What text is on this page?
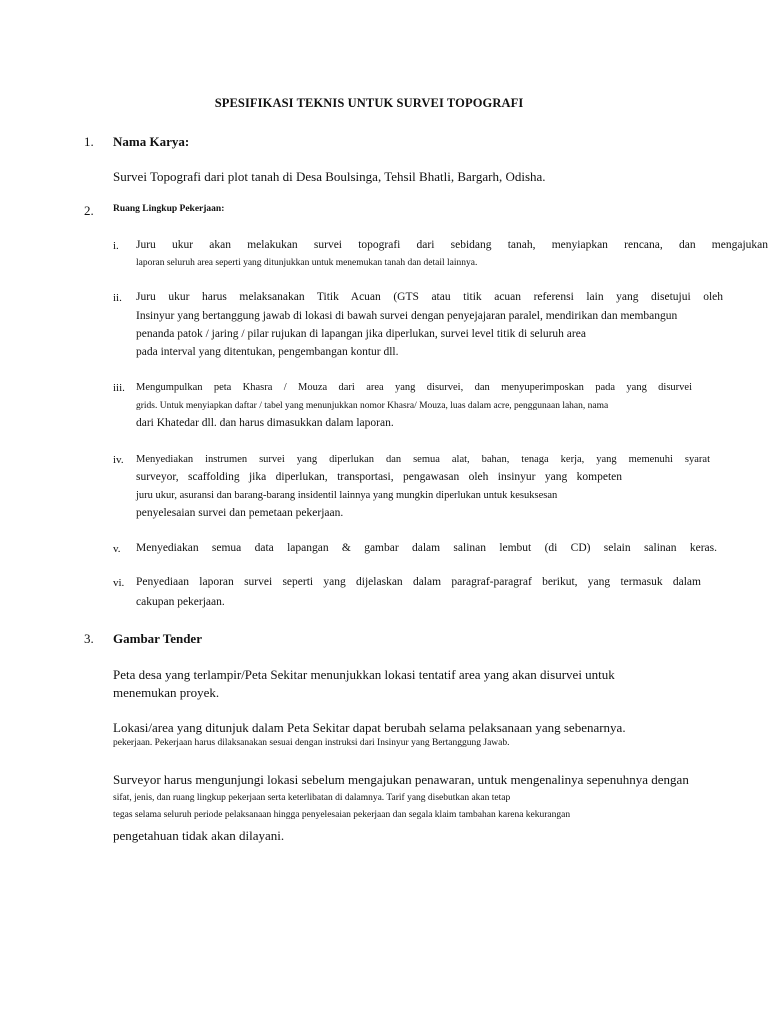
SPESIFIKASI TEKNIS UNTUK SURVEI TOPOGRAFI
1. Nama Karya:
Survei Topografi dari plot tanah di Desa Boulsinga, Tehsil Bhatli, Bargarh, Odisha.
2. Ruang Lingkup Pekerjaan:
i. Juru ukur akan melakukan survei topografi dari sebidang tanah, menyiapkan rencana, dan mengajukan
laporan seluruh area seperti yang ditunjukkan untuk menemukan tanah dan detail lainnya.
ii. Juru ukur harus melaksanakan Titik Acuan (GTS atau titik acuan referensi lain yang disetujui oleh
Insinyur yang bertanggung jawab di lokasi di bawah survei dengan penyejajaran paralel, mendirikan dan membangun
penanda patok / jaring / pilar rujukan di lapangan jika diperlukan, survei level titik di seluruh area
pada interval yang ditentukan, pengembangan kontur dll.
iii. Mengumpulkan peta Khasra / Mouza dari area yang disurvei, dan menyuperimposkan pada yang disurvei
grids. Untuk menyiapkan daftar / tabel yang menunjukkan nomor Khasra/ Mouza, luas dalam acre, penggunaan lahan, nama
dari Khatedar dll. dan harus dimasukkan dalam laporan.
iv. Menyediakan instrumen survei yang diperlukan dan semua alat, bahan, tenaga kerja, yang memenuhi syarat
surveyor, scaffolding jika diperlukan, transportasi, pengawasan oleh insinyur yang kompeten
juru ukur, asuransi dan barang-barang insidentil lainnya yang mungkin diperlukan untuk kesuksesan
penyelesaian survei dan pemetaan pekerjaan.
v. Menyediakan semua data lapangan & gambar dalam salinan lembut (di CD) selain salinan keras.
vi. Penyediaan laporan survei seperti yang dijelaskan dalam paragraf-paragraf berikut, yang termasuk dalam
cakupan pekerjaan.
3. Gambar Tender
Peta desa yang terlampir/Peta Sekitar menunjukkan lokasi tentatif area yang akan disurvei untuk
menemukan proyek.
Lokasi/area yang ditunjuk dalam Peta Sekitar dapat berubah selama pelaksanaan yang sebenarnya.
pekerjaan. Pekerjaan harus dilaksanakan sesuai dengan instruksi dari Insinyur yang Bertanggung Jawab.
Surveyor harus mengunjungi lokasi sebelum mengajukan penawaran, untuk mengenalinya sepenuhnya dengan
sifat, jenis, dan ruang lingkup pekerjaan serta keterlibatan di dalamnya. Tarif yang disebutkan akan tetap
tegas selama seluruh periode pelaksanaan hingga penyelesaian pekerjaan dan segala klaim tambahan karena kekurangan
pengetahuan tidak akan dilayani.
